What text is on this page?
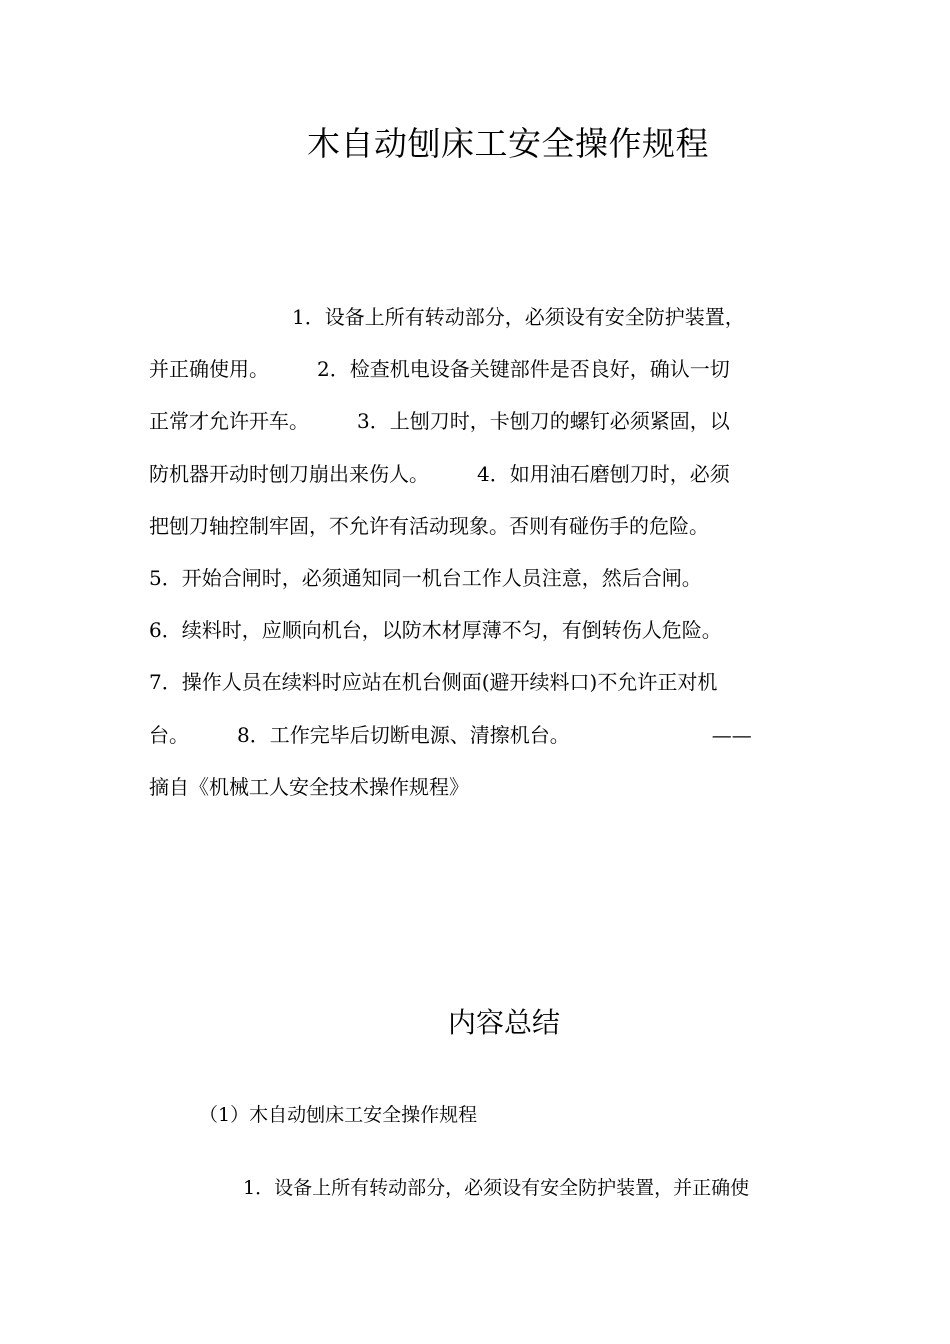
木自动刨床工安全操作规程
1．设备上所有转动部分，必须设有安全防护装置，
并正确使用。 2．检查机电设备关键部件是否良好，确认一切
正常才允许开车。 3．上刨刀时，卡刨刀的螺钉必须紧固，以
防机器开动时刨刀崩出来伤人。 4．如用油石磨刨刀时，必须
把刨刀轴控制牢固，不允许有活动现象。否则有碰伤手的危险。
5．开始合闸时，必须通知同一机台工作人员注意，然后合闸。
6．续料时，应顺向机台，以防木材厚薄不匀，有倒转伤人危险。
7．操作人员在续料时应站在机台侧面(避开续料口)不允许正对机
台。 8．工作完毕后切断电源、清擦机台。	——
摘自《机械工人安全技术操作规程》
内容总结

（1）木自动刨床工安全操作规程

1．设备上所有转动部分，必须设有安全防护装置，并正确使
